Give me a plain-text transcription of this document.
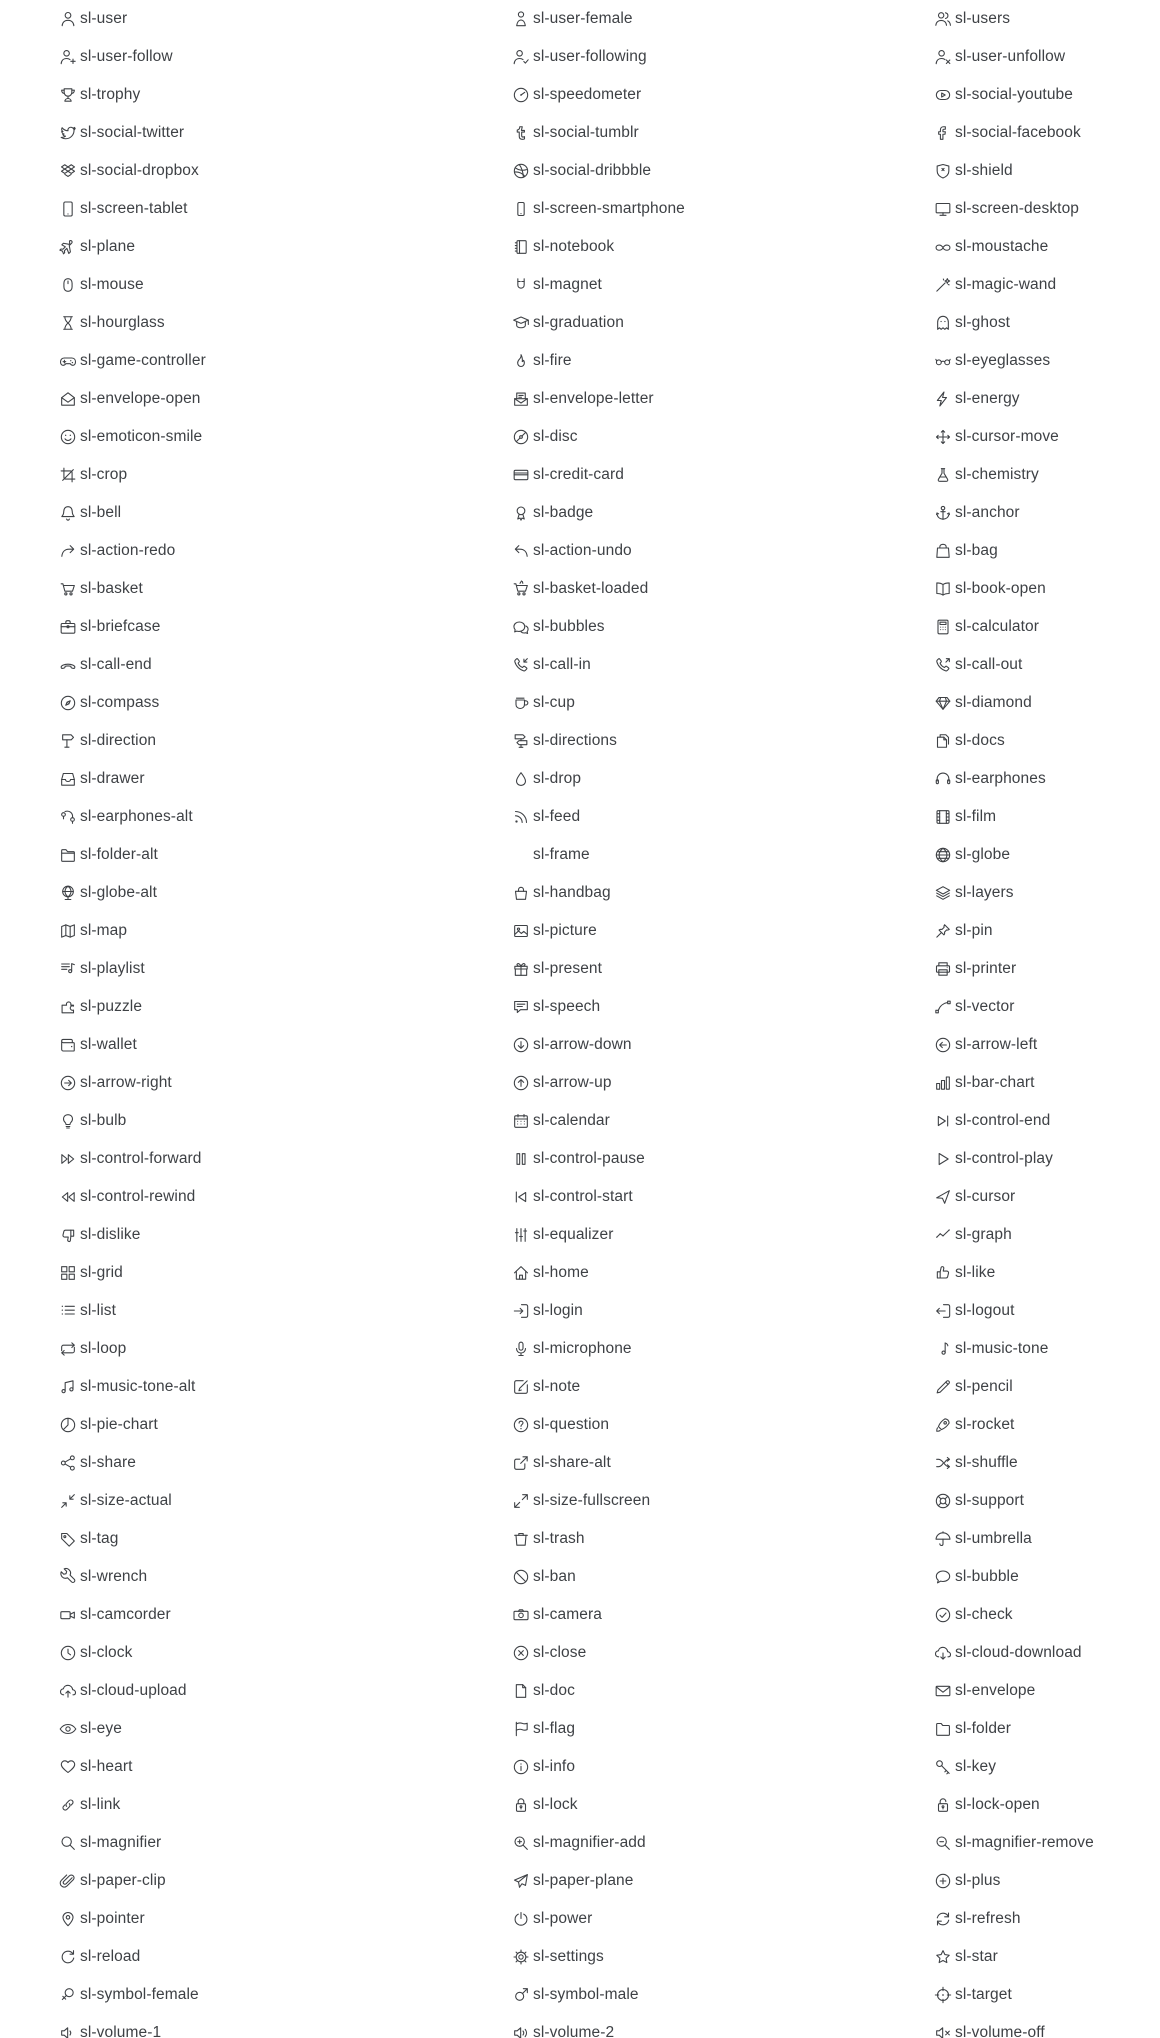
sl-user
sl-user-follow
sl-trophy
sl-social-twitter
sl-social-dropbox
sl-screen-tablet
sl-plane
sl-mouse
sl-hourglass
sl-game-controller
sl-envelope-open
sl-emoticon-smile
sl-crop
sl-bell
sl-action-redo
sl-basket
sl-briefcase
sl-call-end
sl-compass
sl-direction
sl-drawer
sl-earphones-alt
sl-folder-alt
sl-globe-alt
sl-map
sl-playlist
sl-puzzle
sl-wallet
sl-arrow-right
sl-bulb
sl-control-forward
sl-control-rewind
sl-dislike
sl-grid
sl-list
sl-loop
sl-music-tone-alt
sl-pie-chart
sl-share
sl-size-actual
sl-tag
sl-wrench
sl-camcorder
sl-clock
sl-cloud-upload
sl-eye
sl-heart
sl-link
sl-magnifier
sl-paper-clip
sl-pointer
sl-reload
sl-symbol-female
sl-volume-1
sl-user-female
sl-user-following
sl-speedometer
sl-social-tumblr
sl-social-dribbble
sl-screen-smartphone
sl-notebook
sl-magnet
sl-graduation
sl-fire
sl-envelope-letter
sl-disc
sl-credit-card
sl-badge
sl-action-undo
sl-basket-loaded
sl-bubbles
sl-call-in
sl-cup
sl-directions
sl-drop
sl-feed
sl-frame
sl-handbag
sl-picture
sl-present
sl-speech
sl-arrow-down
sl-arrow-up
sl-calendar
sl-control-pause
sl-control-start
sl-equalizer
sl-home
sl-login
sl-microphone
sl-note
sl-question
sl-share-alt
sl-size-fullscreen
sl-trash
sl-ban
sl-camera
sl-close
sl-doc
sl-flag
sl-info
sl-lock
sl-magnifier-add
sl-paper-plane
sl-power
sl-settings
sl-symbol-male
sl-volume-2
sl-users
sl-user-unfollow
sl-social-youtube
sl-social-facebook
sl-shield
sl-screen-desktop
sl-moustache
sl-magic-wand
sl-ghost
sl-eyeglasses
sl-energy
sl-cursor-move
sl-chemistry
sl-anchor
sl-bag
sl-book-open
sl-calculator
sl-call-out
sl-diamond
sl-docs
sl-earphones
sl-film
sl-globe
sl-layers
sl-pin
sl-printer
sl-vector
sl-arrow-left
sl-bar-chart
sl-control-end
sl-control-play
sl-cursor
sl-graph
sl-like
sl-logout
sl-music-tone
sl-pencil
sl-rocket
sl-shuffle
sl-support
sl-umbrella
sl-bubble
sl-check
sl-cloud-download
sl-envelope
sl-folder
sl-key
sl-lock-open
sl-magnifier-remove
sl-plus
sl-refresh
sl-star
sl-target
sl-volume-off
